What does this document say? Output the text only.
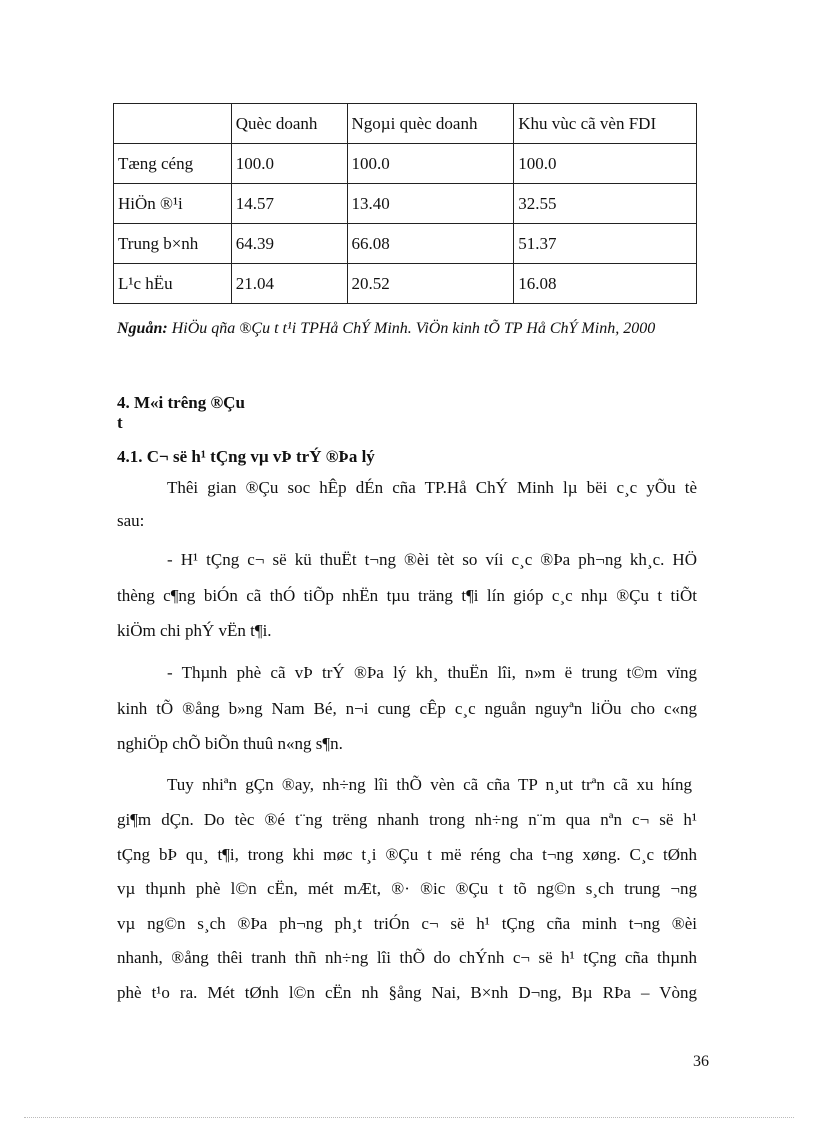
	Quèc doanh	Ngoµi quèc doanh	Khu vùc cã vèn FDI
Tæng céng	100.0	100.0	100.0
HiÖn ®¹i	14.57	13.40	32.55
Trung b×nh	64.39	66.08	51.37
L¹c hËu	21.04	20.52	16.08
Nguån: HiÖu qña ®Çu t t¹i TPHå ChÝ Minh. ViÖn kinh tÕ TP Hå ChÝ Minh, 2000
4. M«i trêng ®Çu t
4.1. C¬ së h¹ tÇng vµ vÞ trÝ ®Þa lý
Thêi gian ®Çu soc hÊp dÉn cña TP.Hå ChÝ Minh lµ bëi c¸c yÕu tè
sau:
- H¹ tÇng c¬ së kü thuËt t¬ng ®èi tèt so víi c¸c ®Þa ph¬ng kh¸c. HÖ
thèng c¶ng biÓn cã thÓ tiÕp nhËn tµu träng t¶i lín gióp c¸c nhµ ®Çu t tiÕt
kiÖm chi phÝ vËn t¶i.
- Thµnh phè cã vÞ trÝ ®Þa lý kh¸ thuËn lîi, n»m ë trung t©m vïng
kinh tÕ ®ång b»ng Nam Bé, n¬i cung cÊp c¸c nguån nguyªn liÖu cho c«ng
nghiÖp chÕ biÕn thuû n«ng s¶n.
Tuy nhiªn gÇn ®ay, nh÷ng lîi thÕ vèn cã cña TP n¸ut trªn cã xu híng
gi¶m dÇn. Do tèc ®é t¨ng trëng nhanh trong nh÷ng n¨m qua nªn c¬ së h¹
tÇng bÞ qu¸ t¶i, trong khi møc t¸i ®Çu t më réng cha t¬ng xøng. C¸c tØnh
vµ thµnh phè l©n cËn, mét mÆt, ®· ®ic ®Çu t tõ ng©n s¸ch trung ¬ng
vµ ng©n s¸ch ®Þa ph¬ng ph¸t triÓn c¬ së h¹ tÇng cña minh t¬ng ®èi
nhanh, ®ång thêi tranh thñ nh÷ng lîi thÕ do chÝnh c¬ së h¹ tÇng cña thµnh
phè t¹o ra. Mét tØnh l©n cËn nh §ång Nai, B×nh D¬ng, Bµ RÞa – Vòng
36
